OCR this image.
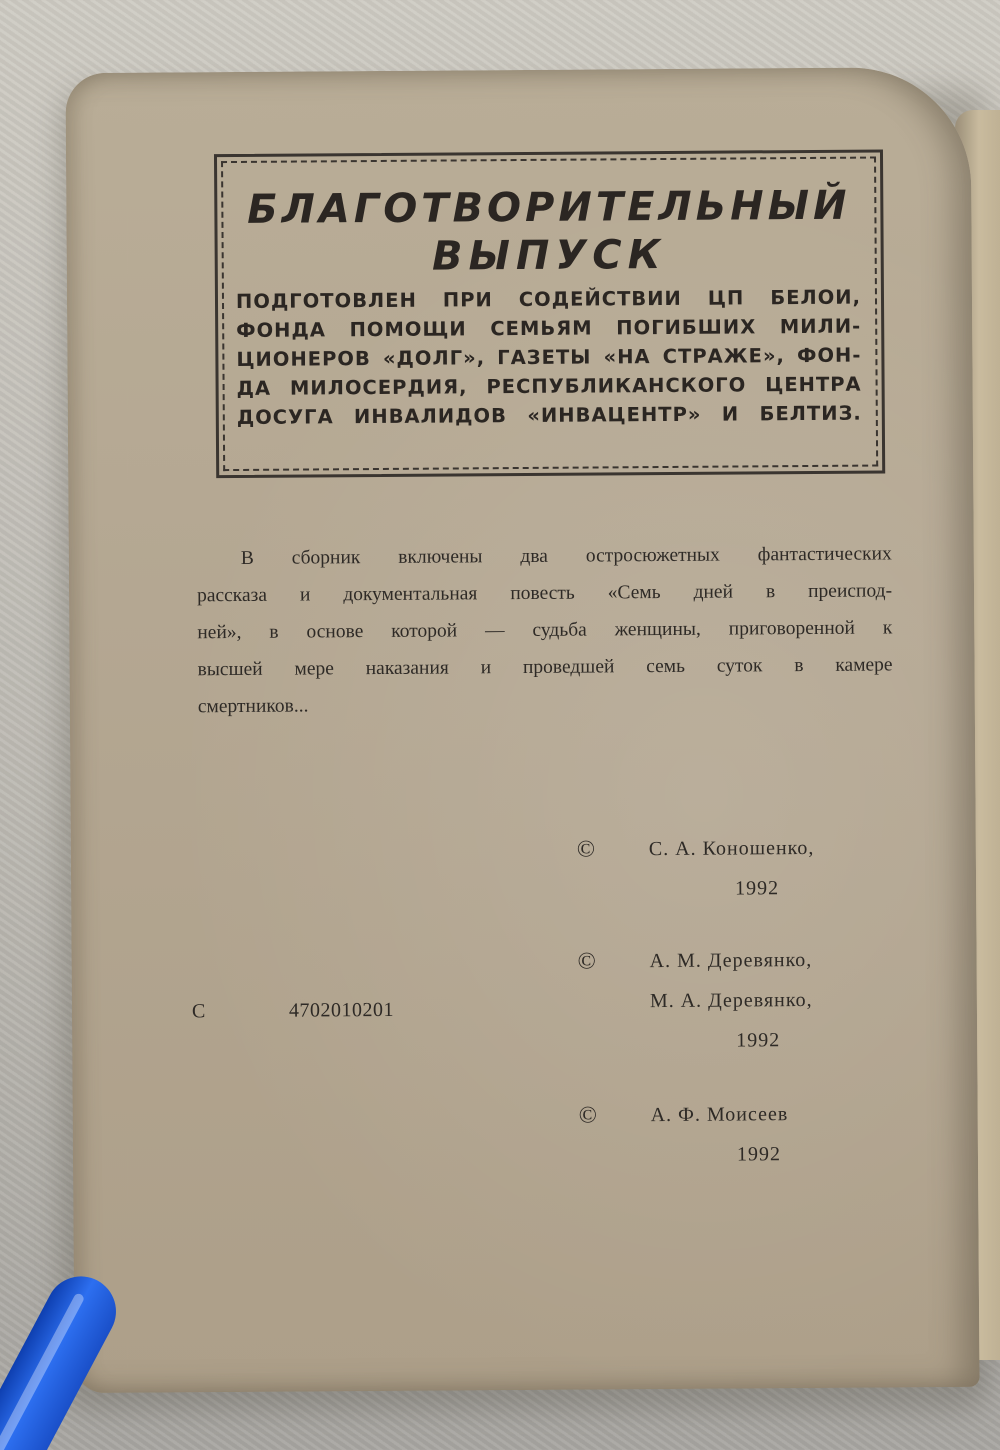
БЛАГОТВОРИТЕЛЬНЫЙ
ВЫПУСК
ПОДГОТОВЛЕН ПРИ СОДЕЙСТВИИ ЦП БЕЛОИ,
ФОНДА ПОМОЩИ СЕМЬЯМ ПОГИБШИХ МИЛИ-
ЦИОНЕРОВ «ДОЛГ», ГАЗЕТЫ «НА СТРАЖЕ», ФОН-
ДА МИЛОСЕРДИЯ, РЕСПУБЛИКАНСКОГО ЦЕНТРА
ДОСУГА ИНВАЛИДОВ «ИНВАЦЕНТР» И БЕЛТИЗ.
В сборник включены два остросюжетных фантастических
рассказа и документальная повесть «Семь дней в преиспод-
ней», в основе которой — судьба женщины, приговоренной к
высшей мере наказания и проведшей семь суток в камере
смертников...
©	С. А. Коношенко,
1992
©	А. М. Деревянко,
М. А. Деревянко,
1992
©	А. Ф. Моисеев
1992
С	4702010201
